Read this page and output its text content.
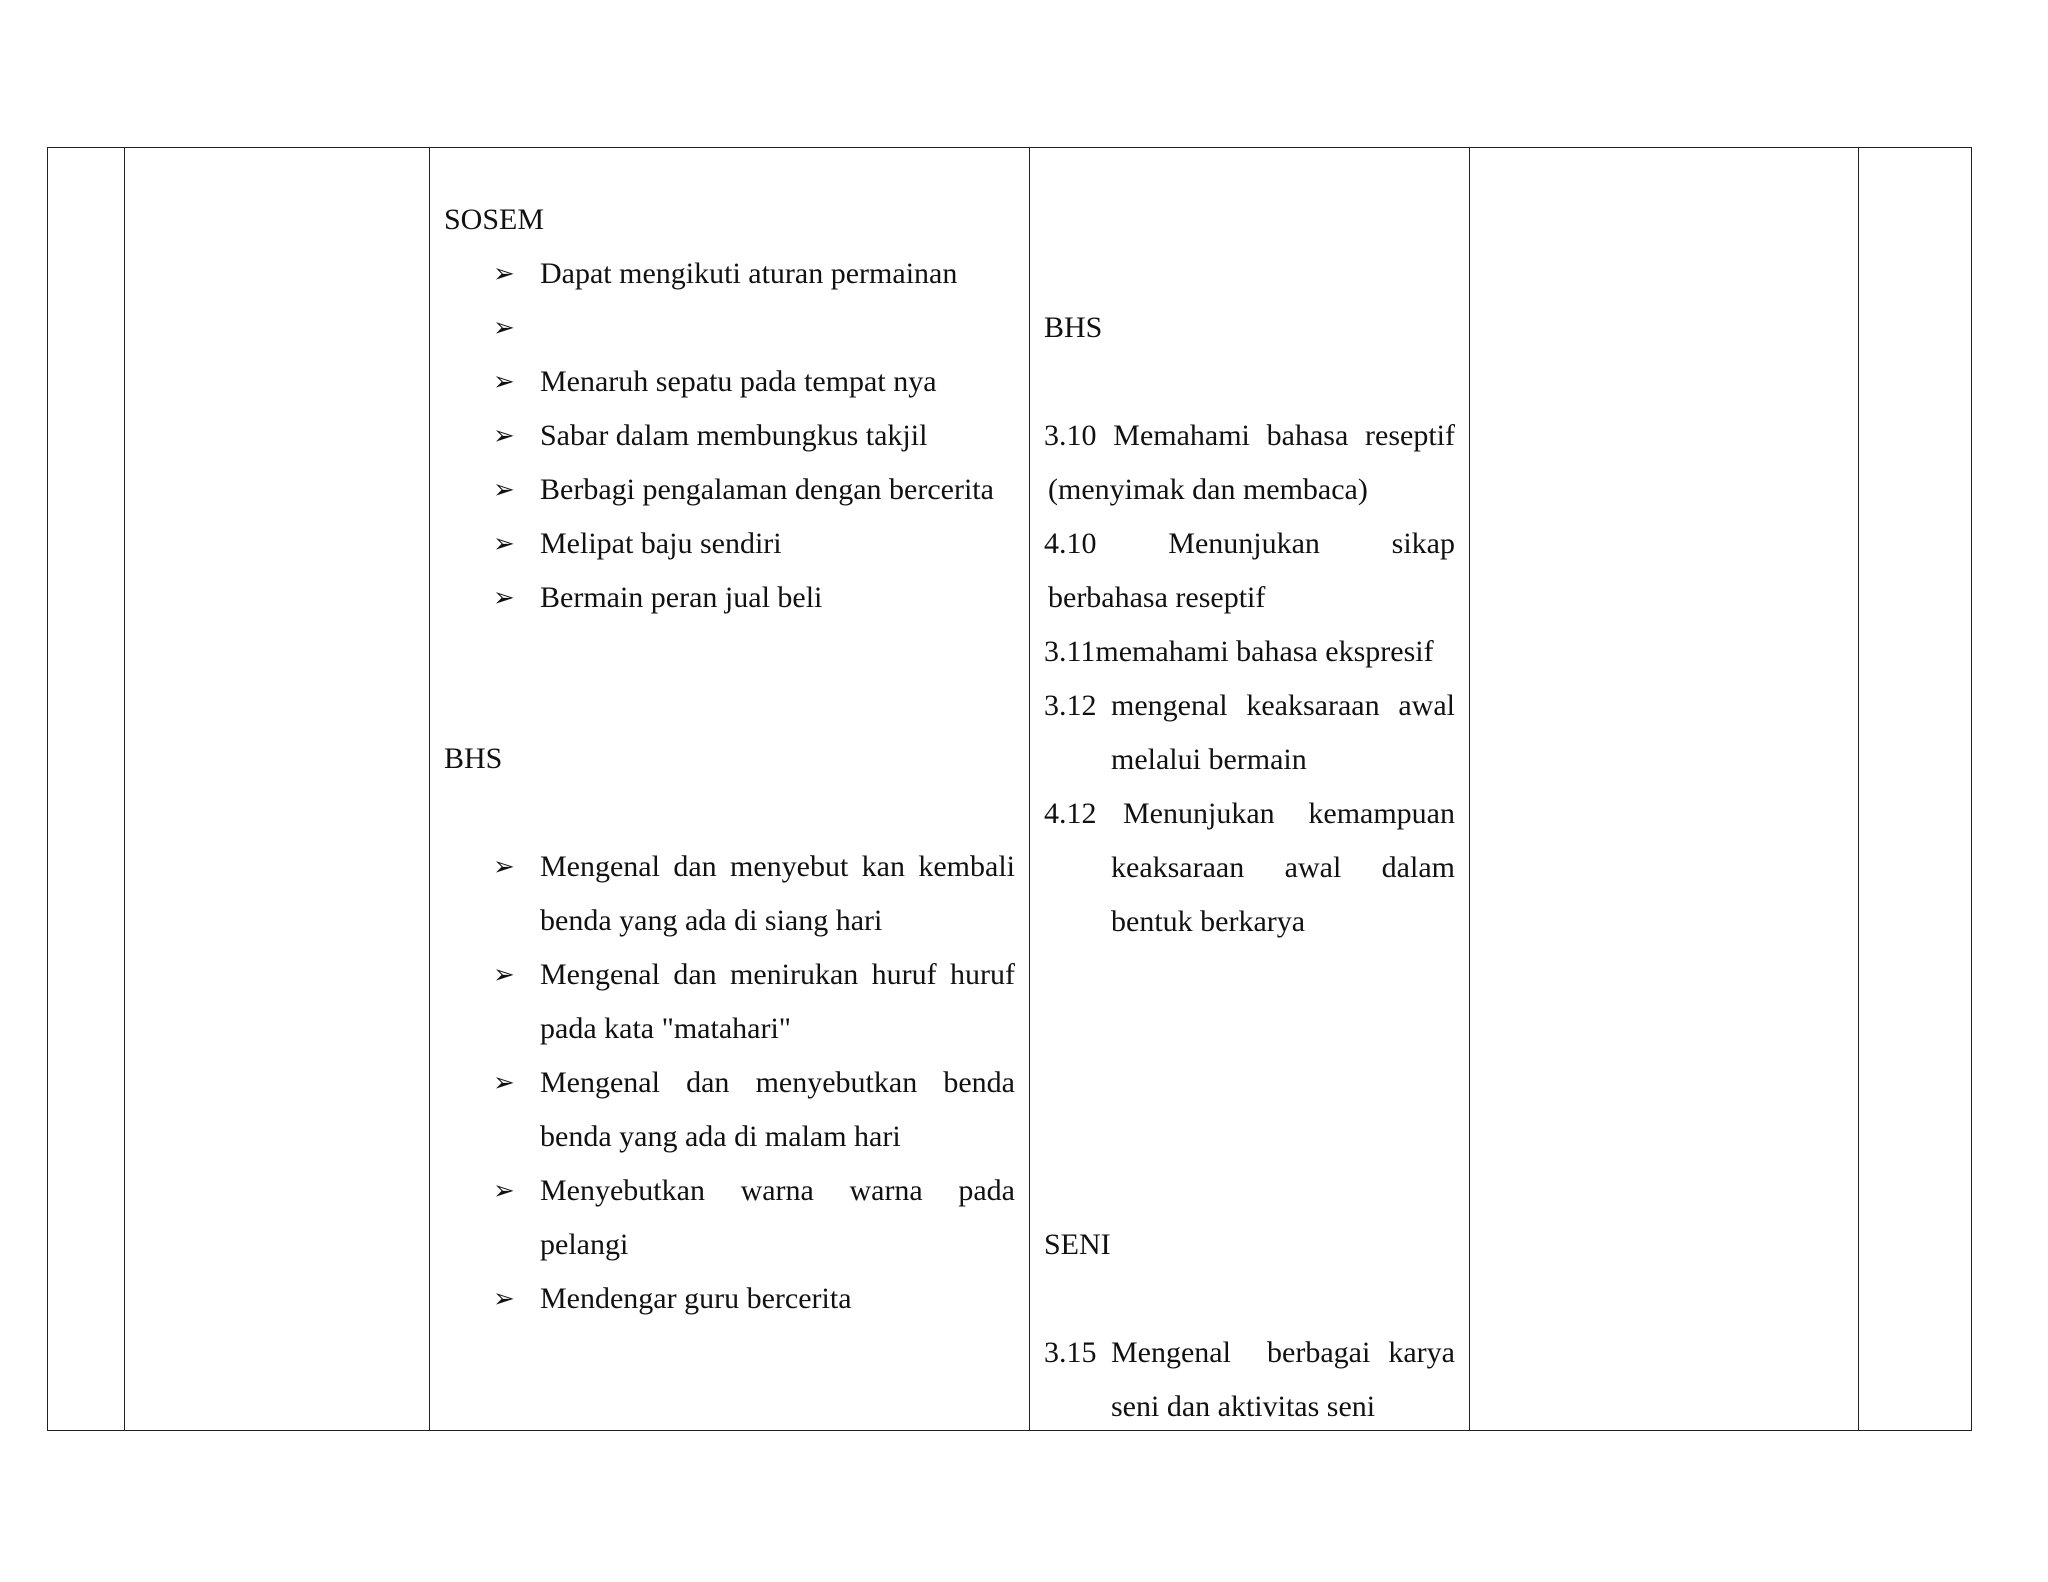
SOSEM
➢ Dapat mengikuti aturan permainan
➢
➢ Menaruh sepatu pada tempat nya
➢ Sabar dalam membungkus takjil
➢ Berbagi pengalaman dengan bercerita
➢ Melipat baju sendiri
➢ Bermain peran jual beli
BHS
➢ Mengenal dan menyebut kan kembali
benda yang ada di siang hari
➢ Mengenal dan menirukan huruf huruf
pada kata "matahari"
➢ Mengenal dan menyebutkan benda
benda yang ada di malam hari
➢ Menyebutkan warna warna pada
pelangi
➢ Mendengar guru bercerita
BHS
3.10 Memahami bahasa reseptif
(menyimak dan membaca)
4.10 Menunjukan sikap
berbahasa reseptif
3.11memahami bahasa ekspresif
3.12 mengenal keaksaraan awal
melalui bermain
4.12 Menunjukan kemampuan
keaksaraan awal dalam
bentuk berkarya
SENI
3.15 Mengenal  berbagai karya
seni dan aktivitas seni
